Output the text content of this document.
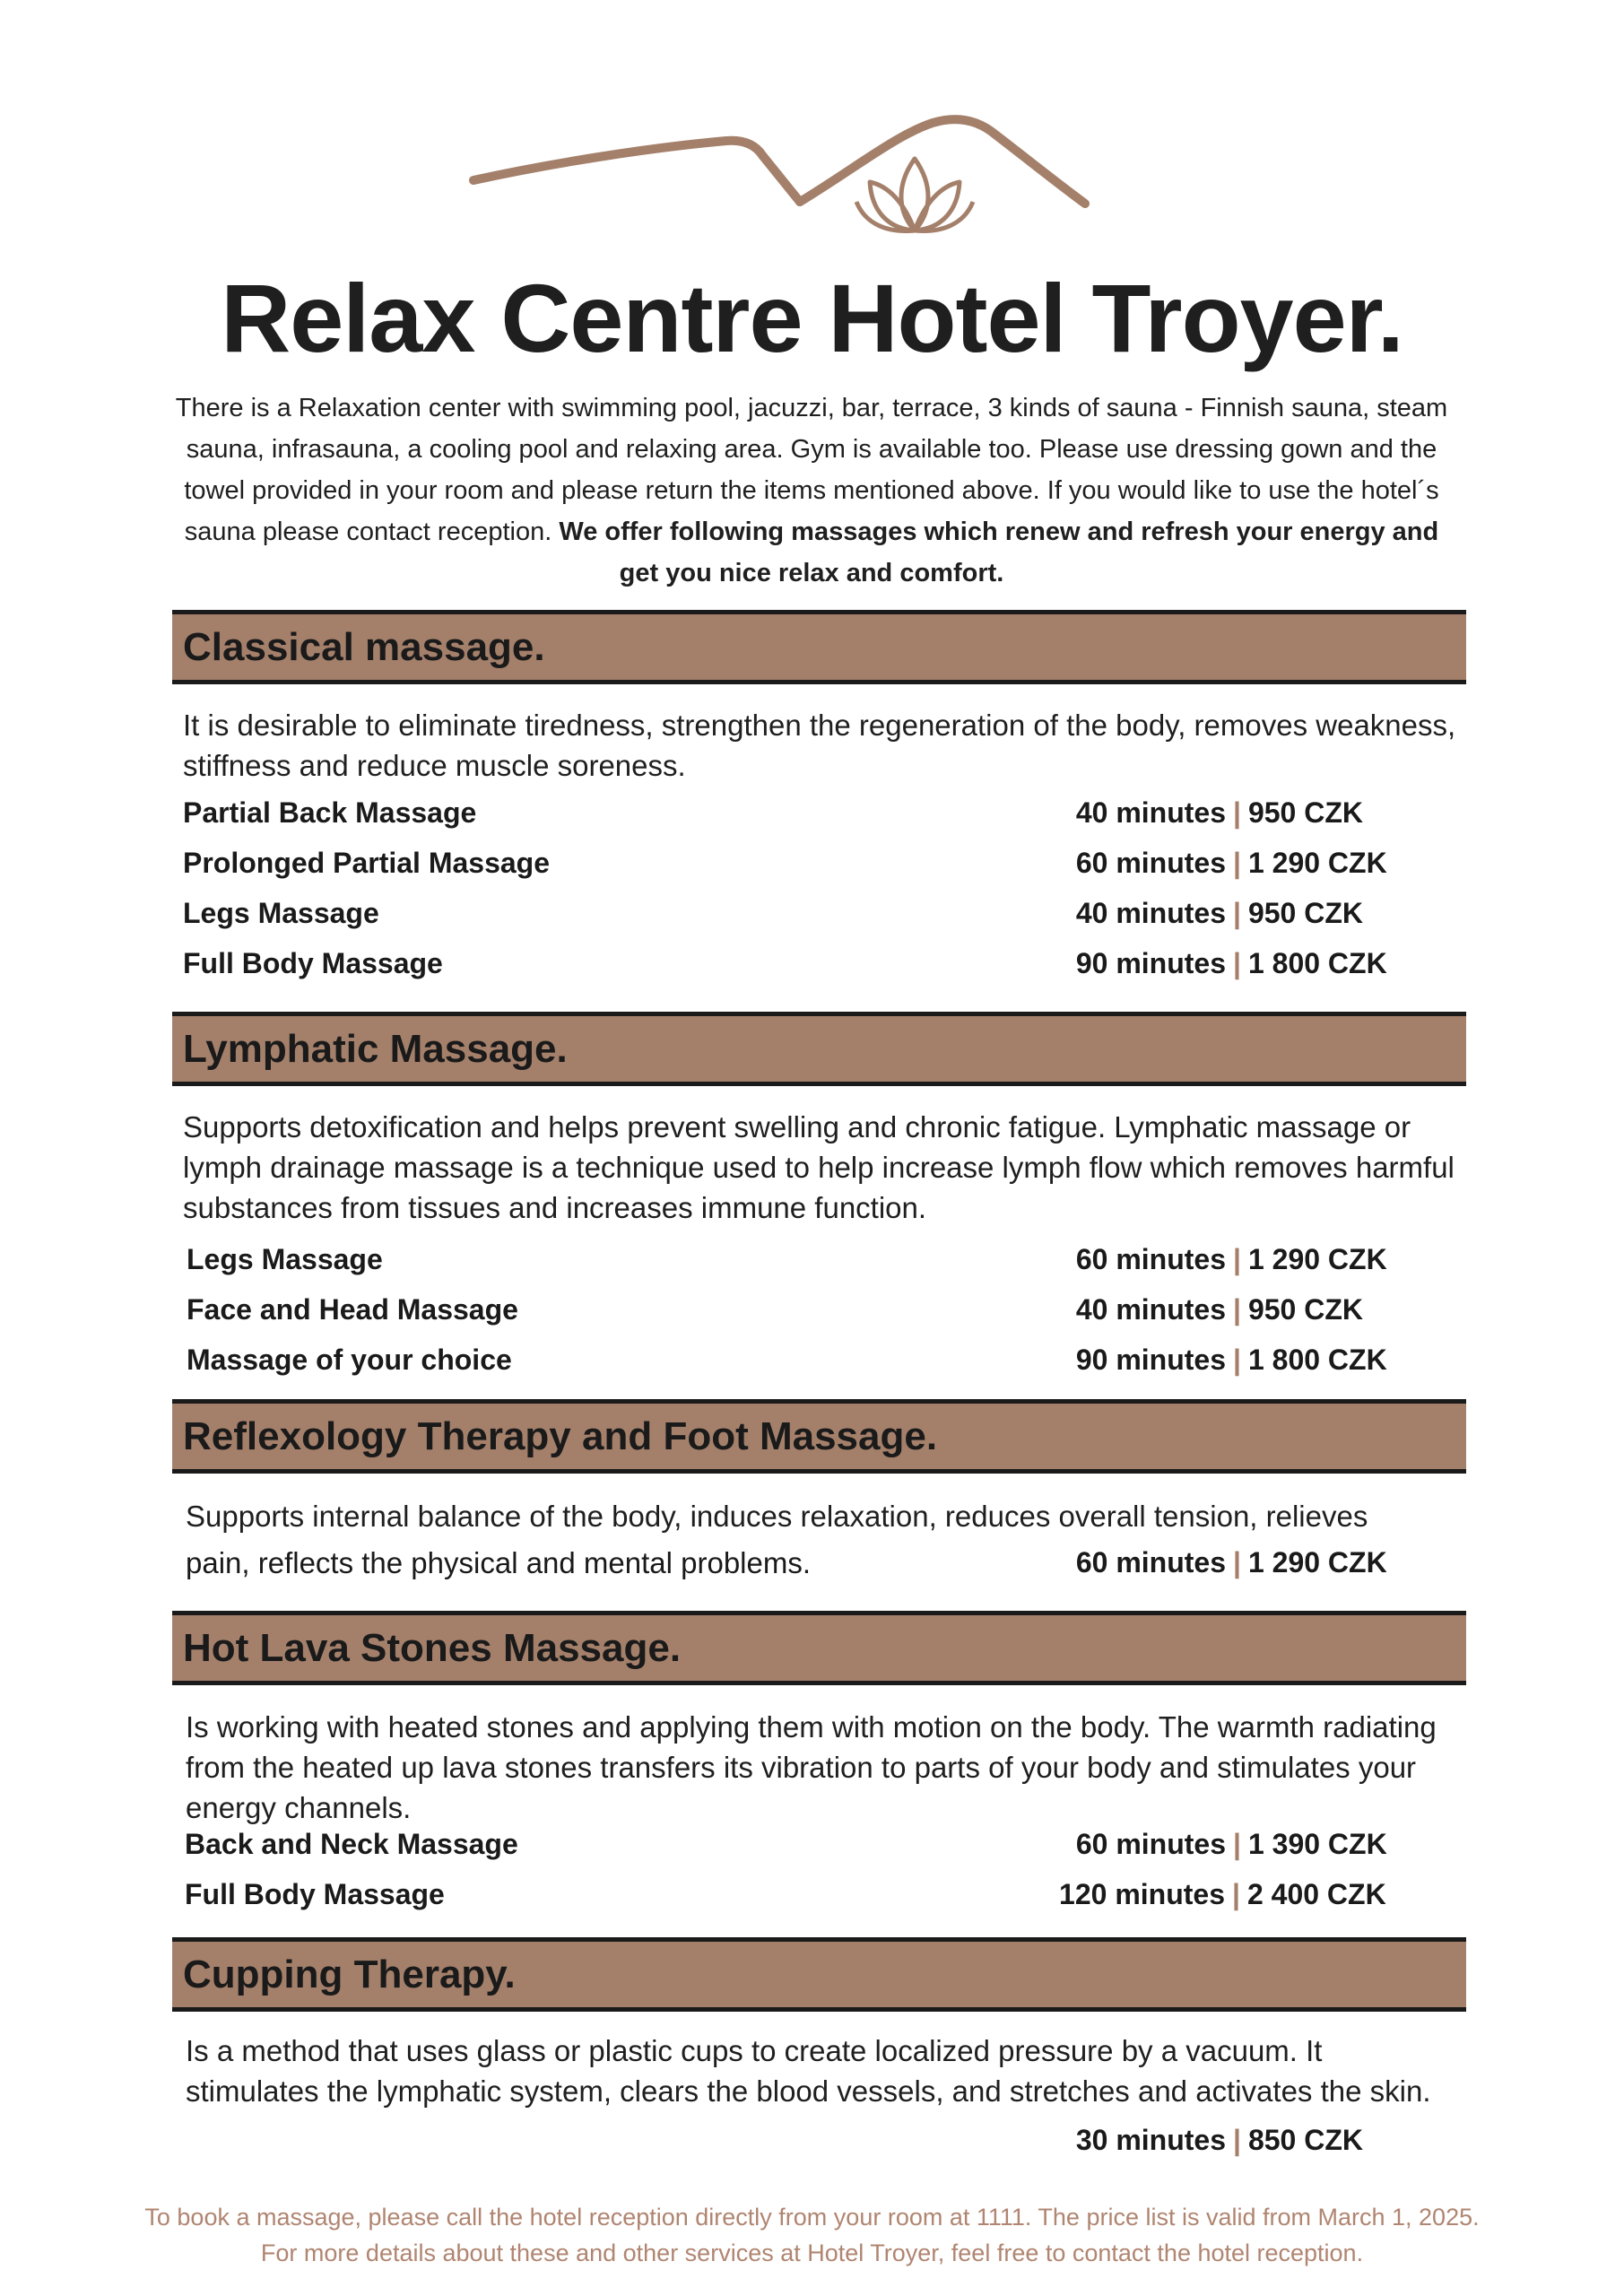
Relax Centre Hotel Troyer.
There is a Relaxation center with swimming pool, jacuzzi, bar, terrace, 3 kinds of sauna - Finnish sauna, steam sauna, infrasauna, a cooling pool and relaxing area. Gym is available too. Please use dressing gown and the towel provided in your room and please return the items mentioned above. If you would like to use the hotel´s sauna please contact reception. We offer following massages which renew and refresh your energy and get you nice relax and comfort.
Classical massage.
It is desirable to eliminate tiredness, strengthen the regeneration of the body, removes weakness, stiffness and reduce muscle soreness.
Partial Back Massage	40 minutes | 950 CZK
Prolonged Partial Massage	60 minutes | 1 290 CZK
Legs Massage	40 minutes | 950 CZK
Full Body Massage	90 minutes | 1 800 CZK
Lymphatic Massage.
Supports detoxification and helps prevent swelling and chronic fatigue. Lymphatic massage or lymph drainage massage is a technique used to help increase lymph flow which removes harmful substances from tissues and increases immune function.
Legs Massage	60 minutes | 1 290 CZK
Face and Head Massage	40 minutes | 950 CZK
Massage of your choice	90 minutes | 1 800 CZK
Reflexology Therapy and Foot Massage.
Supports internal balance of the body, induces relaxation, reduces overall tension, relieves
pain, reflects the physical and mental problems.	60 minutes | 1 290 CZK
Hot Lava Stones Massage.
Is working with heated stones and applying them with motion on the body. The warmth radiating from the heated up lava stones transfers its vibration to parts of your body and stimulates your energy channels.
Back and Neck Massage	60 minutes | 1 390 CZK
Full Body Massage	120 minutes | 2 400 CZK
Cupping Therapy.
Is a method that uses glass or plastic cups to create localized pressure by a vacuum. It stimulates the lymphatic system, clears the blood vessels, and stretches and activates the skin.
30 minutes | 850 CZK
To book a massage, please call the hotel reception directly from your room at 1111. The price list is valid from March 1, 2025.
For more details about these and other services at Hotel Troyer, feel free to contact the hotel reception.
